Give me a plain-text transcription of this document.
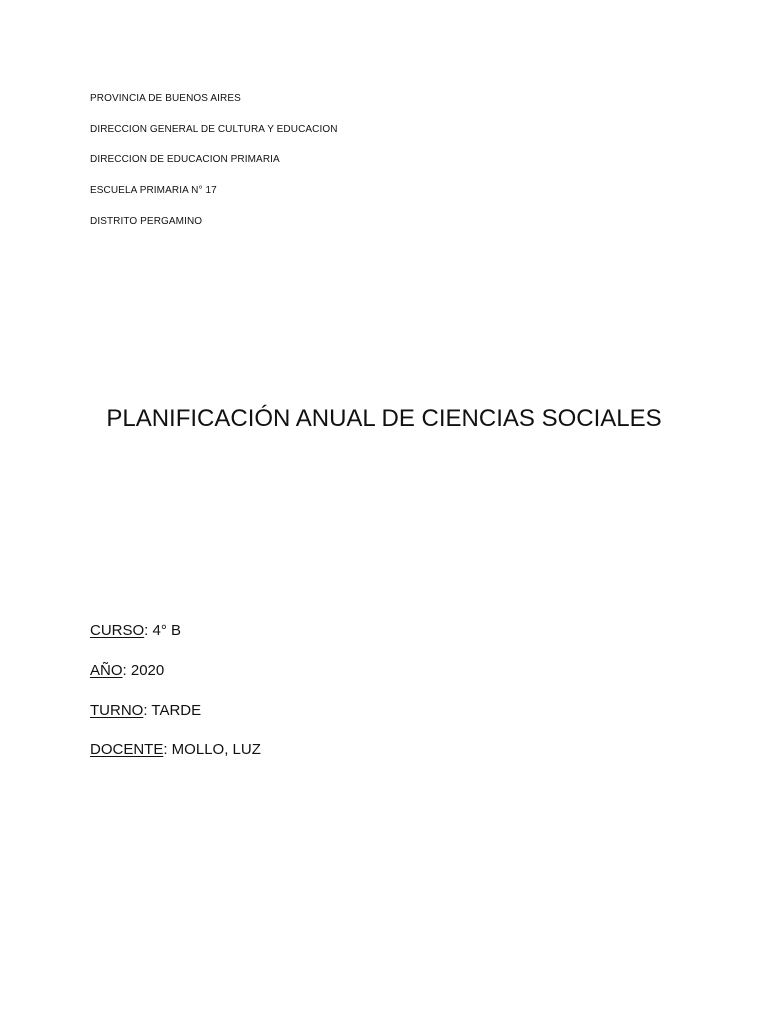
PROVINCIA DE BUENOS AIRES
DIRECCION GENERAL DE CULTURA Y EDUCACION
DIRECCION DE EDUCACION PRIMARIA
ESCUELA PRIMARIA N° 17
DISTRITO PERGAMINO
PLANIFICACIÓN ANUAL DE CIENCIAS SOCIALES
CURSO: 4° B
AÑO: 2020
TURNO: TARDE
DOCENTE: MOLLO, LUZ
